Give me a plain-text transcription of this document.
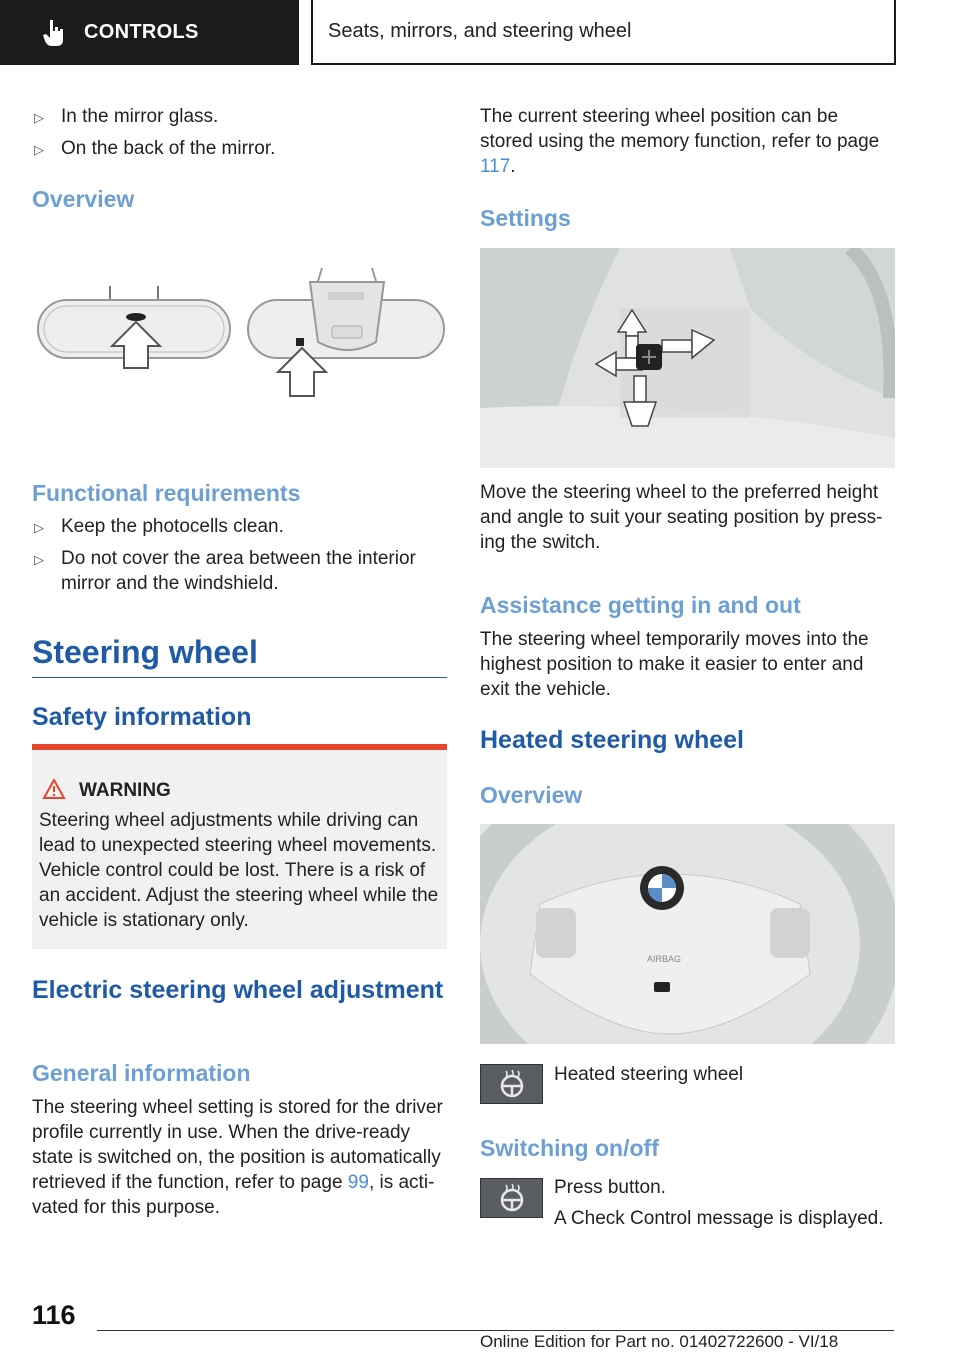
CONTROLS	Seats, mirrors, and steering wheel
▷ In the mirror glass.
▷ On the back of the mirror.
Overview
Functional requirements
▷ Keep the photocells clean.
▷ Do not cover the area between the interior mirror and the windshield.
Steering wheel
Safety information
WARNING
Steering wheel adjustments while driving can lead to unexpected steering wheel movements. Vehicle control could be lost. There is a risk of an accident. Adjust the steering wheel while the vehicle is stationary only.
Electric steering wheel adjustment
General information
The steering wheel setting is stored for the driver profile currently in use. When the drive-ready state is switched on, the position is automatically retrieved if the function, refer to page 99, is activated for this purpose.
The current steering wheel position can be stored using the memory function, refer to page 117.
Settings
Move the steering wheel to the preferred height and angle to suit your seating position by pressing the switch.
Assistance getting in and out
The steering wheel temporarily moves into the highest position to make it easier to enter and exit the vehicle.
Heated steering wheel
Overview
AIRBAG
Heated steering wheel
Switching on/off
Press button.
A Check Control message is displayed.
116
Online Edition for Part no. 01402722600 - VI/18
